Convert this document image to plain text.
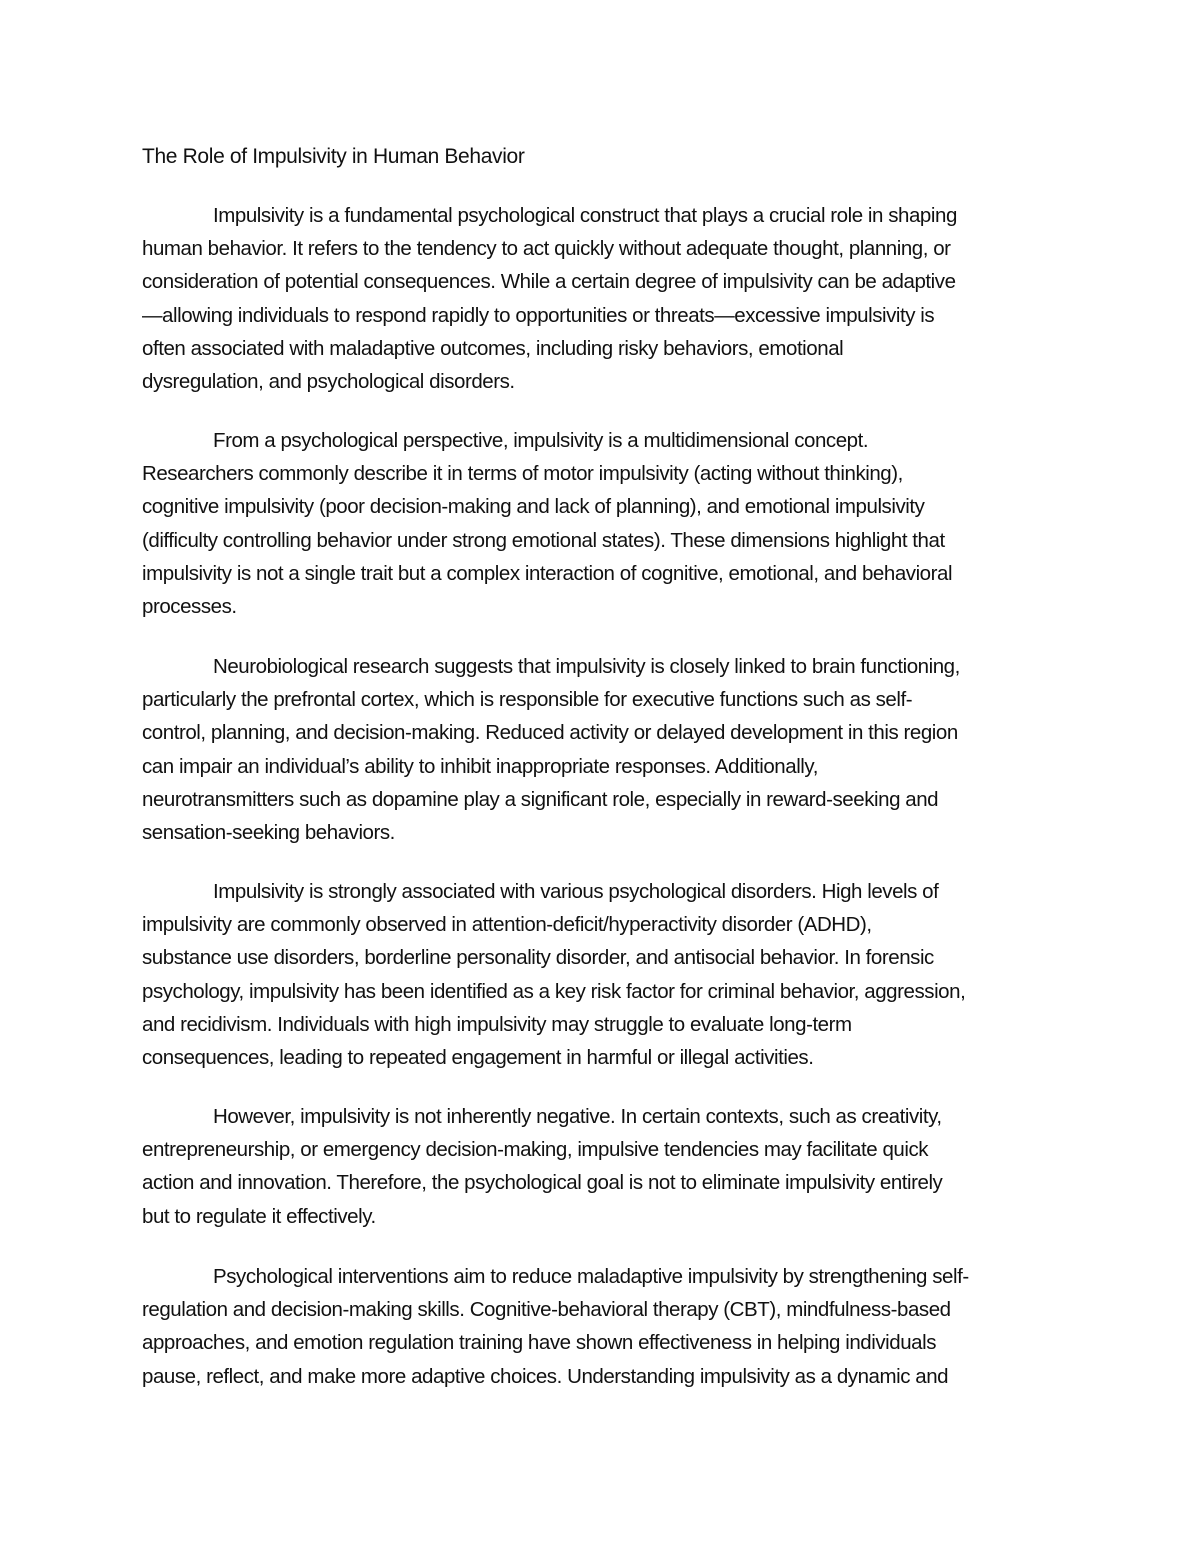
The Role of Impulsivity in Human Behavior
Impulsivity is a fundamental psychological construct that plays a crucial role in shaping
human behavior. It refers to the tendency to act quickly without adequate thought, planning, or
consideration of potential consequences. While a certain degree of impulsivity can be adaptive
—allowing individuals to respond rapidly to opportunities or threats—excessive impulsivity is
often associated with maladaptive outcomes, including risky behaviors, emotional
dysregulation, and psychological disorders.
From a psychological perspective, impulsivity is a multidimensional concept.
Researchers commonly describe it in terms of motor impulsivity (acting without thinking),
cognitive impulsivity (poor decision-making and lack of planning), and emotional impulsivity
(difficulty controlling behavior under strong emotional states). These dimensions highlight that
impulsivity is not a single trait but a complex interaction of cognitive, emotional, and behavioral
processes.
Neurobiological research suggests that impulsivity is closely linked to brain functioning,
particularly the prefrontal cortex, which is responsible for executive functions such as self-
control, planning, and decision-making. Reduced activity or delayed development in this region
can impair an individual’s ability to inhibit inappropriate responses. Additionally,
neurotransmitters such as dopamine play a significant role, especially in reward-seeking and
sensation-seeking behaviors.
Impulsivity is strongly associated with various psychological disorders. High levels of
impulsivity are commonly observed in attention-deficit/hyperactivity disorder (ADHD),
substance use disorders, borderline personality disorder, and antisocial behavior. In forensic
psychology, impulsivity has been identified as a key risk factor for criminal behavior, aggression,
and recidivism. Individuals with high impulsivity may struggle to evaluate long-term
consequences, leading to repeated engagement in harmful or illegal activities.
However, impulsivity is not inherently negative. In certain contexts, such as creativity,
entrepreneurship, or emergency decision-making, impulsive tendencies may facilitate quick
action and innovation. Therefore, the psychological goal is not to eliminate impulsivity entirely
but to regulate it effectively.
Psychological interventions aim to reduce maladaptive impulsivity by strengthening self-
regulation and decision-making skills. Cognitive-behavioral therapy (CBT), mindfulness-based
approaches, and emotion regulation training have shown effectiveness in helping individuals
pause, reflect, and make more adaptive choices. Understanding impulsivity as a dynamic and
